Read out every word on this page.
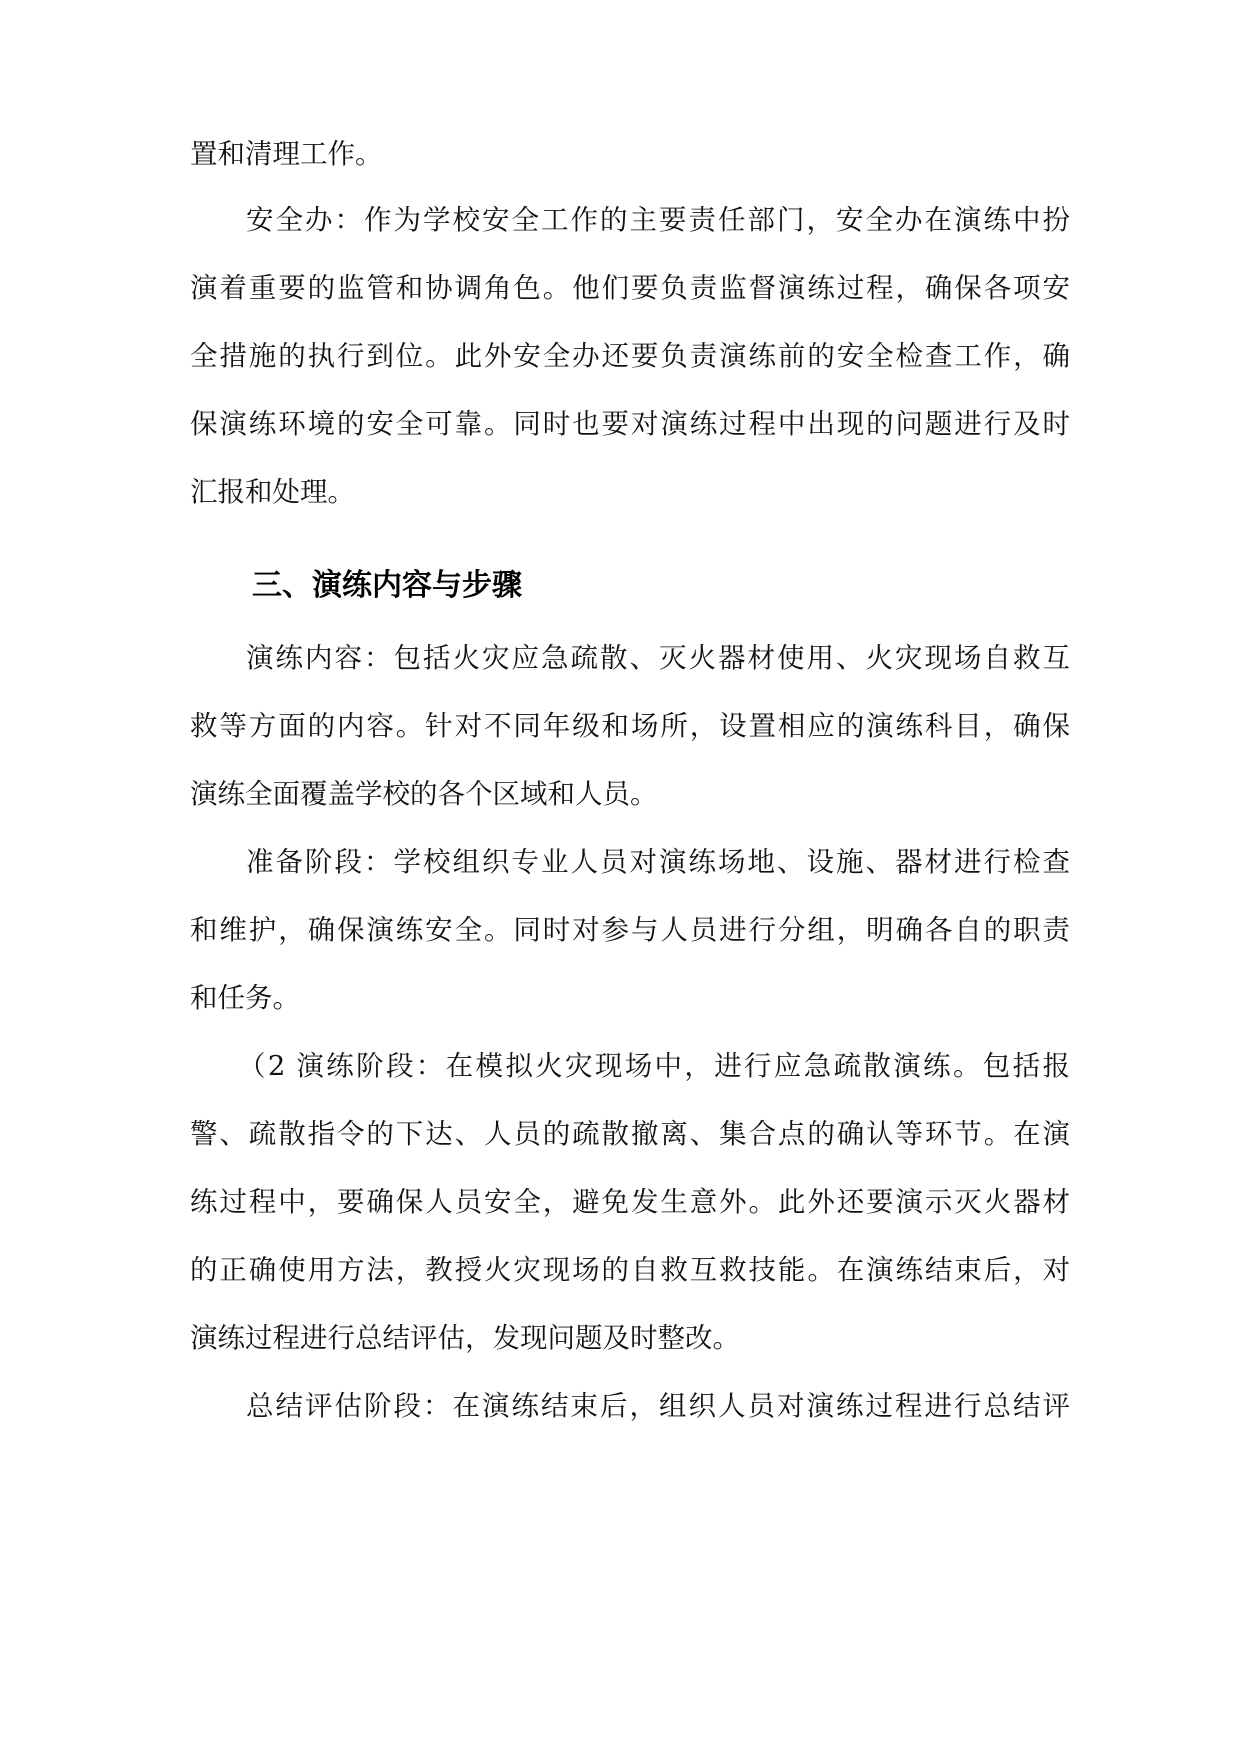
置和清理工作。
安全办：作为学校安全工作的主要责任部门，安全办在演练中扮
演着重要的监管和协调角色。他们要负责监督演练过程，确保各项安
全措施的执行到位。此外安全办还要负责演练前的安全检查工作，确
保演练环境的安全可靠。同时也要对演练过程中出现的问题进行及时
汇报和处理。
三、演练内容与步骤
演练内容：包括火灾应急疏散、灭火器材使用、火灾现场自救互
救等方面的内容。针对不同年级和场所，设置相应的演练科目，确保
演练全面覆盖学校的各个区域和人员。
准备阶段：学校组织专业人员对演练场地、设施、器材进行检查
和维护，确保演练安全。同时对参与人员进行分组，明确各自的职责
和任务。
（2 演练阶段：在模拟火灾现场中，进行应急疏散演练。包括报
警、疏散指令的下达、人员的疏散撤离、集合点的确认等环节。在演
练过程中，要确保人员安全，避免发生意外。此外还要演示灭火器材
的正确使用方法，教授火灾现场的自救互救技能。在演练结束后，对
演练过程进行总结评估，发现问题及时整改。
总结评估阶段：在演练结束后，组织人员对演练过程进行总结评
